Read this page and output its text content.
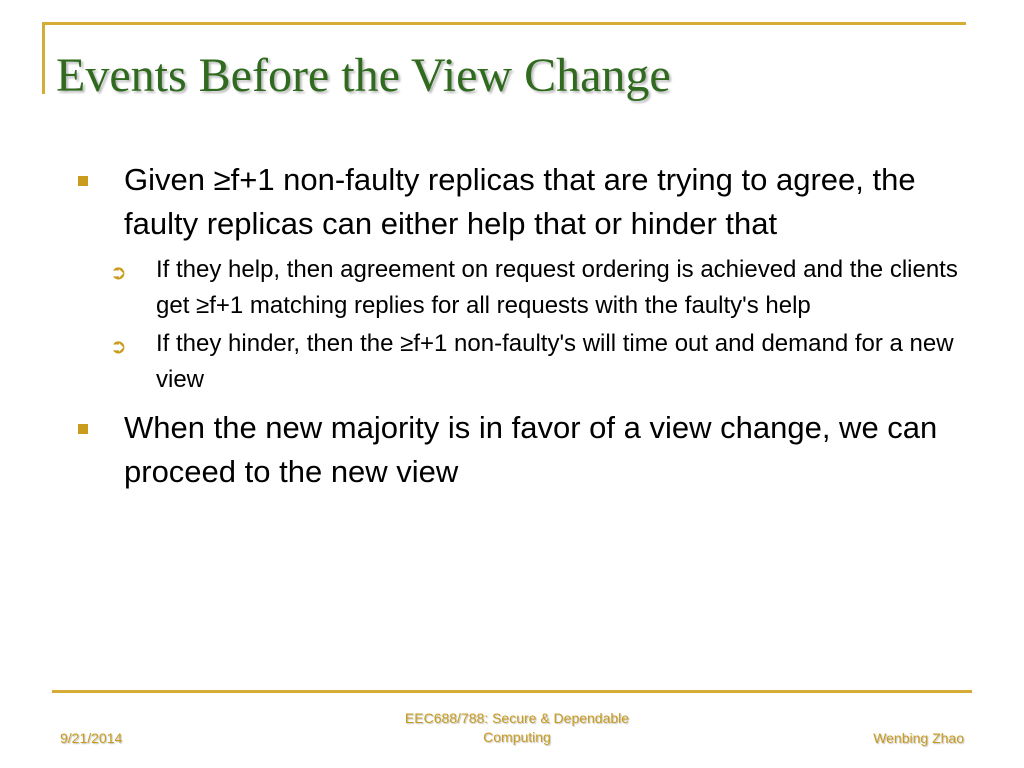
Events Before the View Change
Given ≥f+1 non-faulty replicas that are trying to agree, the faulty replicas can either help that or hinder that
➲ If they help, then agreement on request ordering is achieved and the clients get ≥f+1 matching replies for all requests with the faulty's help
➲ If they hinder, then the ≥f+1 non-faulty's will time out and demand for a new view
When the new majority is in favor of a view change, we can proceed to the new view
9/21/2014
EEC688/788: Secure & Dependable
Computing	Wenbing Zhao
